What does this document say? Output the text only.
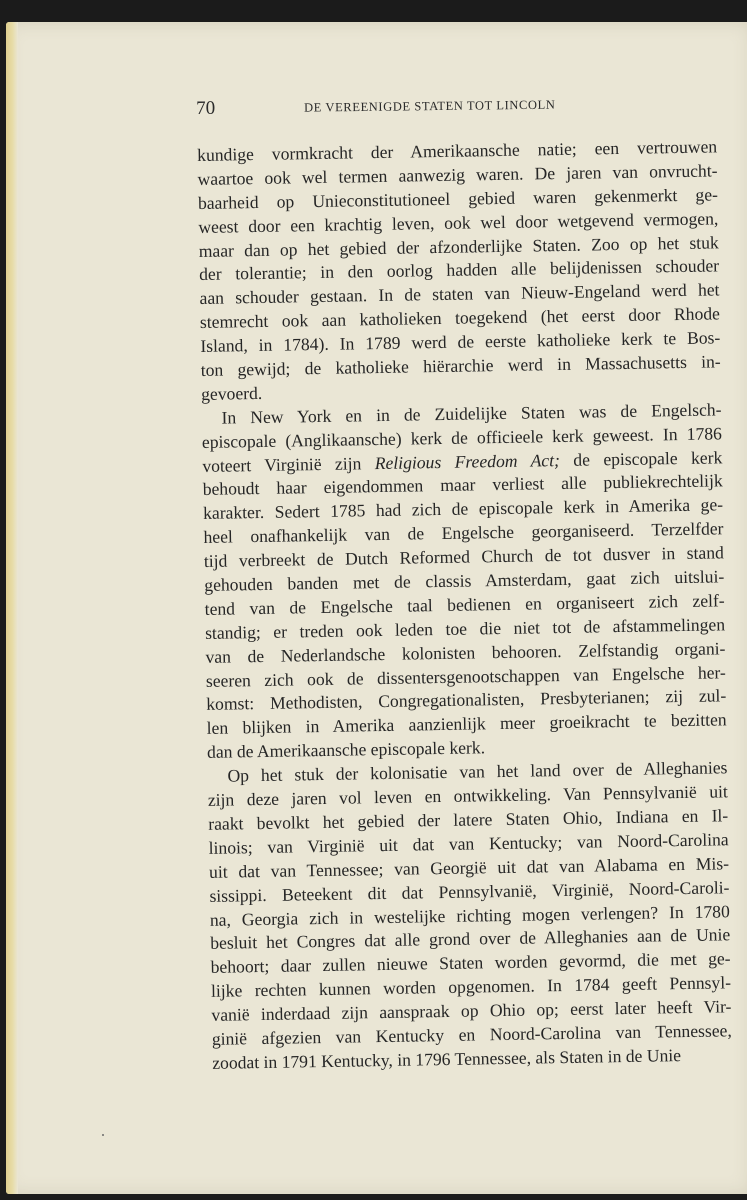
70	DE VEREENIGDE STATEN TOT LINCOLN
kundige vormkracht der Amerikaansche natie; een vertrouwen
waartoe ook wel termen aanwezig waren. De jaren van onvrucht-
baarheid op Unieconstitutioneel gebied waren gekenmerkt ge-
weest door een krachtig leven, ook wel door wetgevend vermogen,
maar dan op het gebied der afzonderlijke Staten. Zoo op het stuk
der tolerantie; in den oorlog hadden alle belijdenissen schouder
aan schouder gestaan. In de staten van Nieuw-Engeland werd het
stemrecht ook aan katholieken toegekend (het eerst door Rhode
Island, in 1784). In 1789 werd de eerste katholieke kerk te Bos-
ton gewijd; de katholieke hiërarchie werd in Massachusetts in-
gevoerd.
In New York en in de Zuidelijke Staten was de Engelsch-
episcopale (Anglikaansche) kerk de officieele kerk geweest. In 1786
voteert Virginië zijn Religious Freedom Act; de episcopale kerk
behoudt haar eigendommen maar verliest alle publiekrechtelijk
karakter. Sedert 1785 had zich de episcopale kerk in Amerika ge-
heel onafhankelijk van de Engelsche georganiseerd. Terzelfder
tijd verbreekt de Dutch Reformed Church de tot dusver in stand
gehouden banden met de classis Amsterdam, gaat zich uitslui-
tend van de Engelsche taal bedienen en organiseert zich zelf-
standig; er treden ook leden toe die niet tot de afstammelingen
van de Nederlandsche kolonisten behooren. Zelfstandig organi-
seeren zich ook de dissentersgenootschappen van Engelsche her-
komst: Methodisten, Congregationalisten, Presbyterianen; zij zul-
len blijken in Amerika aanzienlijk meer groeikracht te bezitten
dan de Amerikaansche episcopale kerk.
Op het stuk der kolonisatie van het land over de Alleghanies
zijn deze jaren vol leven en ontwikkeling. Van Pennsylvanië uit
raakt bevolkt het gebied der latere Staten Ohio, Indiana en Il-
linois; van Virginië uit dat van Kentucky; van Noord-Carolina
uit dat van Tennessee; van Georgië uit dat van Alabama en Mis-
sissippi. Beteekent dit dat Pennsylvanië, Virginië, Noord-Caroli-
na, Georgia zich in westelijke richting mogen verlengen? In 1780
besluit het Congres dat alle grond over de Alleghanies aan de Unie
behoort; daar zullen nieuwe Staten worden gevormd, die met ge-
lijke rechten kunnen worden opgenomen. In 1784 geeft Pennsyl-
vanië inderdaad zijn aanspraak op Ohio op; eerst later heeft Vir-
ginië afgezien van Kentucky en Noord-Carolina van Tennessee,
zoodat in 1791 Kentucky, in 1796 Tennessee, als Staten in de Unie
